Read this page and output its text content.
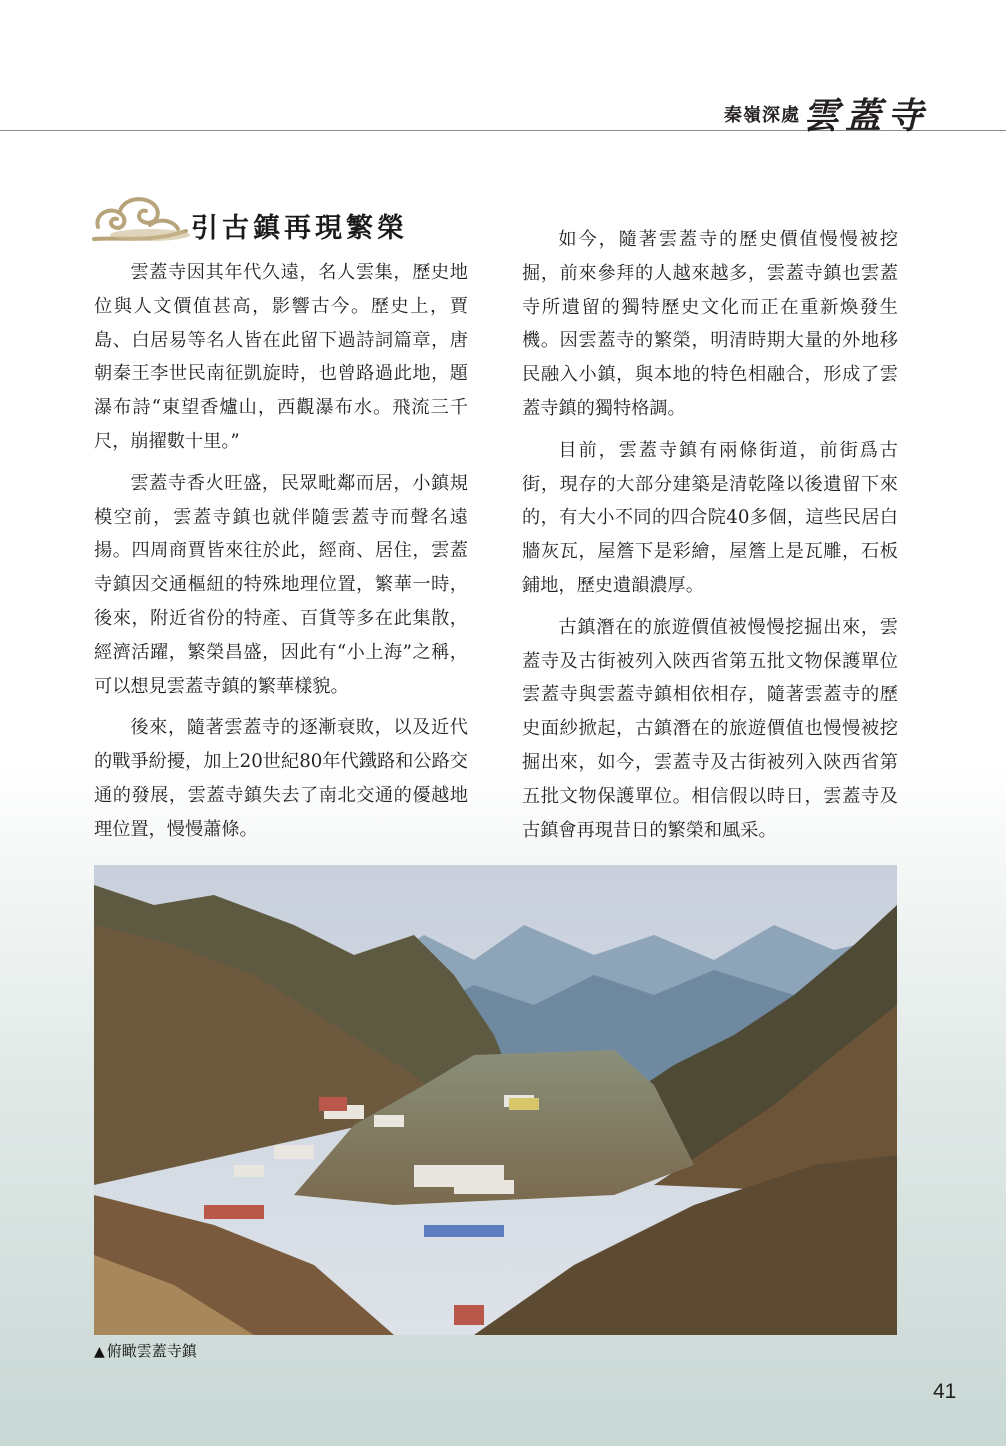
秦嶺深處 雲蓋寺
引古鎮再現繁榮

雲蓋寺因其年代久遠，名人雲集，歷史地位與人文價值甚高，影響古今。歷史上，賈島、白居易等名人皆在此留下過詩詞篇章，唐朝秦王李世民南征凱旋時，也曾路過此地，題瀑布詩“東望香爐山，西觀瀑布水。飛流三千尺，崩擢數十里。”

雲蓋寺香火旺盛，民眾毗鄰而居，小鎮規模空前，雲蓋寺鎮也就伴隨雲蓋寺而聲名遠揚。四周商賈皆來往於此，經商、居住，雲蓋寺鎮因交通樞紐的特殊地理位置，繁華一時，後來，附近省份的特產、百貨等多在此集散，經濟活躍，繁榮昌盛，因此有“小上海”之稱，可以想見雲蓋寺鎮的繁華樣貌。

後來，隨著雲蓋寺的逐漸衰敗，以及近代的戰爭紛擾，加上20世紀80年代鐵路和公路交通的發展，雲蓋寺鎮失去了南北交通的優越地理位置，慢慢蕭條。

如今，隨著雲蓋寺的歷史價值慢慢被挖掘，前來參拜的人越來越多，雲蓋寺鎮也雲蓋寺所遺留的獨特歷史文化而正在重新煥發生機。因雲蓋寺的繁榮，明清時期大量的外地移民融入小鎮，與本地的特色相融合，形成了雲蓋寺鎮的獨特格調。

目前，雲蓋寺鎮有兩條街道，前街爲古街，現存的大部分建築是清乾隆以後遺留下來的，有大小不同的四合院40多個，這些民居白牆灰瓦，屋簷下是彩繪，屋簷上是瓦雕，石板鋪地，歷史遺韻濃厚。

古鎮潛在的旅遊價值被慢慢挖掘出來，雲蓋寺及古街被列入陝西省第五批文物保護單位雲蓋寺與雲蓋寺鎮相依相存，隨著雲蓋寺的歷史面紗掀起，古鎮潛在的旅遊價值也慢慢被挖掘出來，如今，雲蓋寺及古街被列入陝西省第五批文物保護單位。相信假以時日，雲蓋寺及古鎮會再現昔日的繁榮和風采。

▲ 俯瞰雲蓋寺鎮
41
